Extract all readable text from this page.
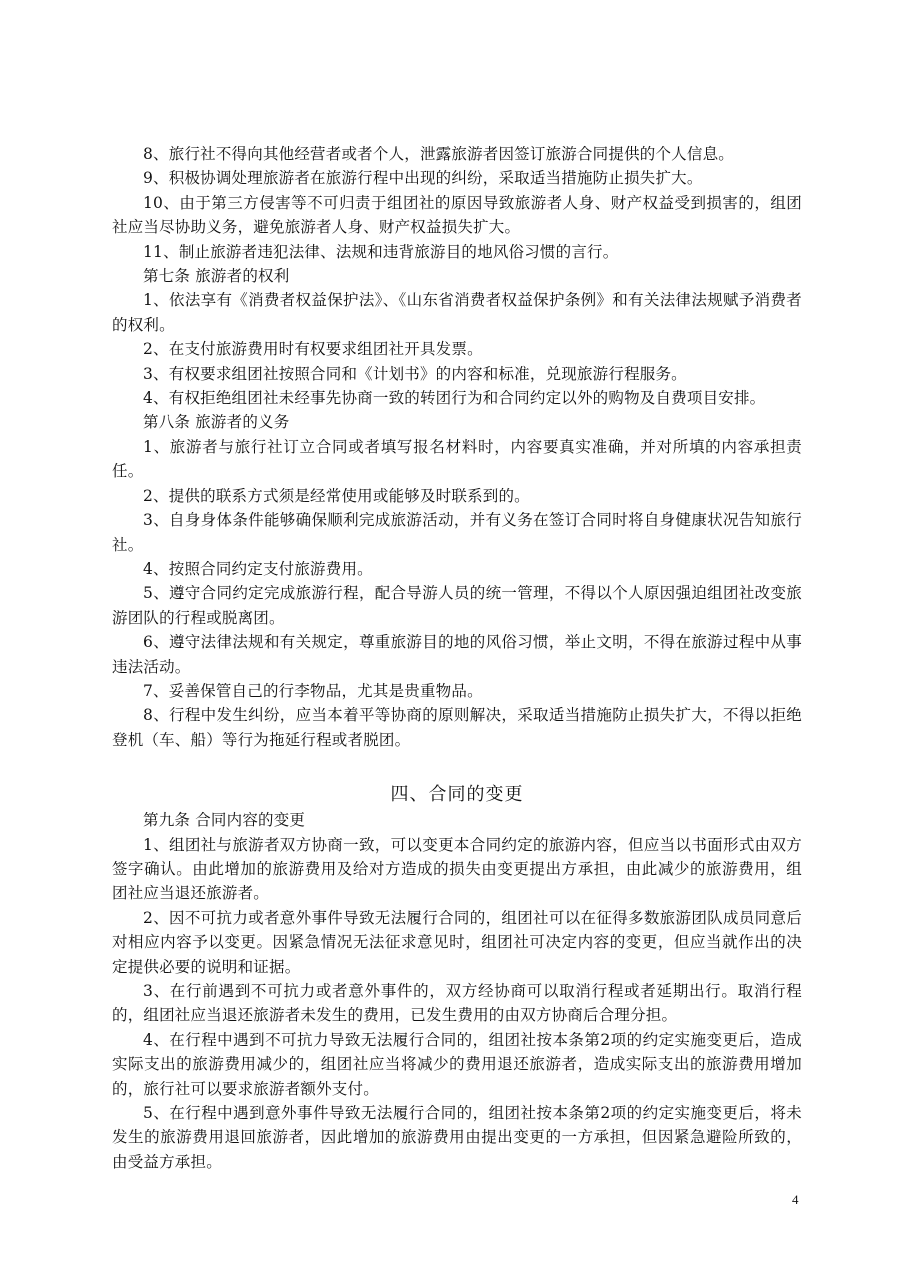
8、旅行社不得向其他经营者或者个人，泄露旅游者因签订旅游合同提供的个人信息。

9、积极协调处理旅游者在旅游行程中出现的纠纷，采取适当措施防止损失扩大。

10、由于第三方侵害等不可归责于组团社的原因导致旅游者人身、财产权益受到损害的，组团社应当尽协助义务，避免旅游者人身、财产权益损失扩大。

11、制止旅游者违犯法律、法规和违背旅游目的地风俗习惯的言行。

第七条 旅游者的权利

1、依法享有《消费者权益保护法》、《山东省消费者权益保护条例》和有关法律法规赋予消费者的权利。

2、在支付旅游费用时有权要求组团社开具发票。

3、有权要求组团社按照合同和《计划书》的内容和标准，兑现旅游行程服务。

4、有权拒绝组团社未经事先协商一致的转团行为和合同约定以外的购物及自费项目安排。

第八条 旅游者的义务

1、旅游者与旅行社订立合同或者填写报名材料时，内容要真实准确，并对所填的内容承担责任。

2、提供的联系方式须是经常使用或能够及时联系到的。

3、自身身体条件能够确保顺利完成旅游活动，并有义务在签订合同时将自身健康状况告知旅行社。

4、按照合同约定支付旅游费用。

5、遵守合同约定完成旅游行程，配合导游人员的统一管理，不得以个人原因强迫组团社改变旅游团队的行程或脱离团。

6、遵守法律法规和有关规定，尊重旅游目的地的风俗习惯，举止文明，不得在旅游过程中从事违法活动。

7、妥善保管自己的行李物品，尤其是贵重物品。

8、行程中发生纠纷，应当本着平等协商的原则解决，采取适当措施防止损失扩大，不得以拒绝登机（车、船）等行为拖延行程或者脱团。

四、合同的变更

第九条 合同内容的变更

1、组团社与旅游者双方协商一致，可以变更本合同约定的旅游内容，但应当以书面形式由双方签字确认。由此增加的旅游费用及给对方造成的损失由变更提出方承担，由此减少的旅游费用，组团社应当退还旅游者。

2、因不可抗力或者意外事件导致无法履行合同的，组团社可以在征得多数旅游团队成员同意后对相应内容予以变更。因紧急情况无法征求意见时，组团社可决定内容的变更，但应当就作出的决定提供必要的说明和证据。

3、在行前遇到不可抗力或者意外事件的，双方经协商可以取消行程或者延期出行。取消行程的，组团社应当退还旅游者未发生的费用，已发生费用的由双方协商后合理分担。

4、在行程中遇到不可抗力导致无法履行合同的，组团社按本条第2项的约定实施变更后，造成实际支出的旅游费用减少的，组团社应当将减少的费用退还旅游者，造成实际支出的旅游费用增加的，旅行社可以要求旅游者额外支付。

5、在行程中遇到意外事件导致无法履行合同的，组团社按本条第2项的约定实施变更后，将未发生的旅游费用退回旅游者，因此增加的旅游费用由提出变更的一方承担，但因紧急避险所致的，由受益方承担。

4
